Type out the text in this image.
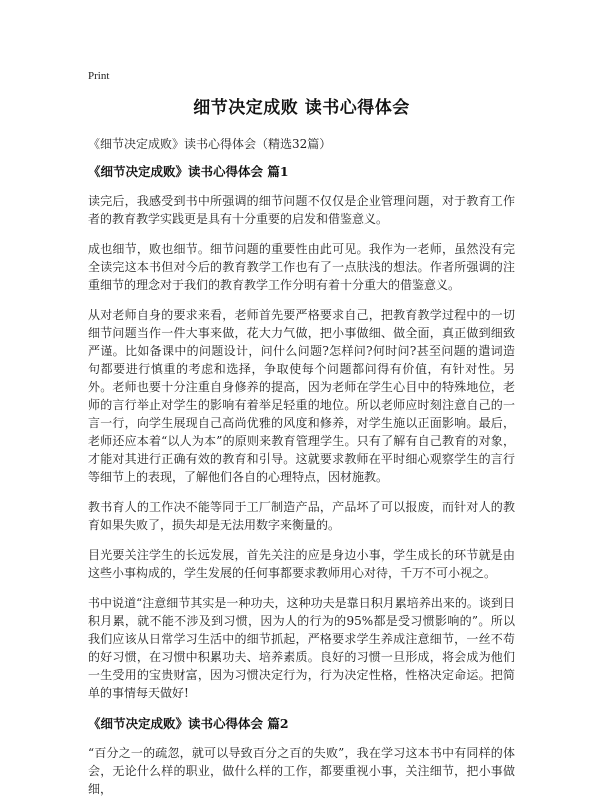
Print
细节决定成败 读书心得体会
《细节决定成败》读书心得体会（精选32篇）
《细节决定成败》读书心得体会 篇1

读完后，我感受到书中所强调的细节问题不仅仅是企业管理问题，对于教育工作者的教育教学实践更是具有十分重要的启发和借鉴意义。

成也细节，败也细节。细节问题的重要性由此可见。我作为一老师，虽然没有完全读完这本书但对今后的教育教学工作也有了一点肤浅的想法。作者所强调的注重细节的理念对于我们的教育教学工作分明有着十分重大的借鉴意义。

从对老师自身的要求来看，老师首先要严格要求自己，把教育教学过程中的一切细节问题当作一件大事来做，花大力气做，把小事做细、做全面，真正做到细致严谨。比如备课中的问题设计，问什么问题?怎样问?何时问?甚至问题的遣词造句都要进行慎重的考虑和选择，争取使每个问题都问得有价值，有针对性。另外。老师也要十分注重自身修养的提高，因为老师在学生心目中的特殊地位，老师的言行举止对学生的影响有着举足轻重的地位。所以老师应时刻注意自己的一言一行，向学生展现自己高尚优雅的风度和修养，对学生施以正面影响。最后，老师还应本着“以人为本”的原则来教育管理学生。只有了解有自己教育的对象，才能对其进行正确有效的教育和引导。这就要求教师在平时细心观察学生的言行等细节上的表现，了解他们各自的心理特点，因材施教。

教书育人的工作决不能等同于工厂制造产品，产品坏了可以报废，而针对人的教育如果失败了，损失却是无法用数字来衡量的。

目光要关注学生的长远发展，首先关注的应是身边小事，学生成长的环节就是由这些小事构成的，学生发展的任何事都要求教师用心对待，千万不可小视之。

书中说道“注意细节其实是一种功夫，这种功夫是靠日积月累培养出来的。谈到日积月累，就不能不涉及到习惯，因为人的行为的95%都是受习惯影响的”。所以我们应该从日常学习生活中的细节抓起，严格要求学生养成注意细节，一丝不苟的好习惯，在习惯中积累功夫、培养素质。良好的习惯一旦形成，将会成为他们一生受用的宝贵财富，因为习惯决定行为，行为决定性格，性格决定命运。把简单的事情每天做好!

《细节决定成败》读书心得体会 篇2

“百分之一的疏忽，就可以导致百分之百的失败”，我在学习这本书中有同样的体会，无论什么样的职业，做什么样的工作，都要重视小事，关注细节，把小事做细，
